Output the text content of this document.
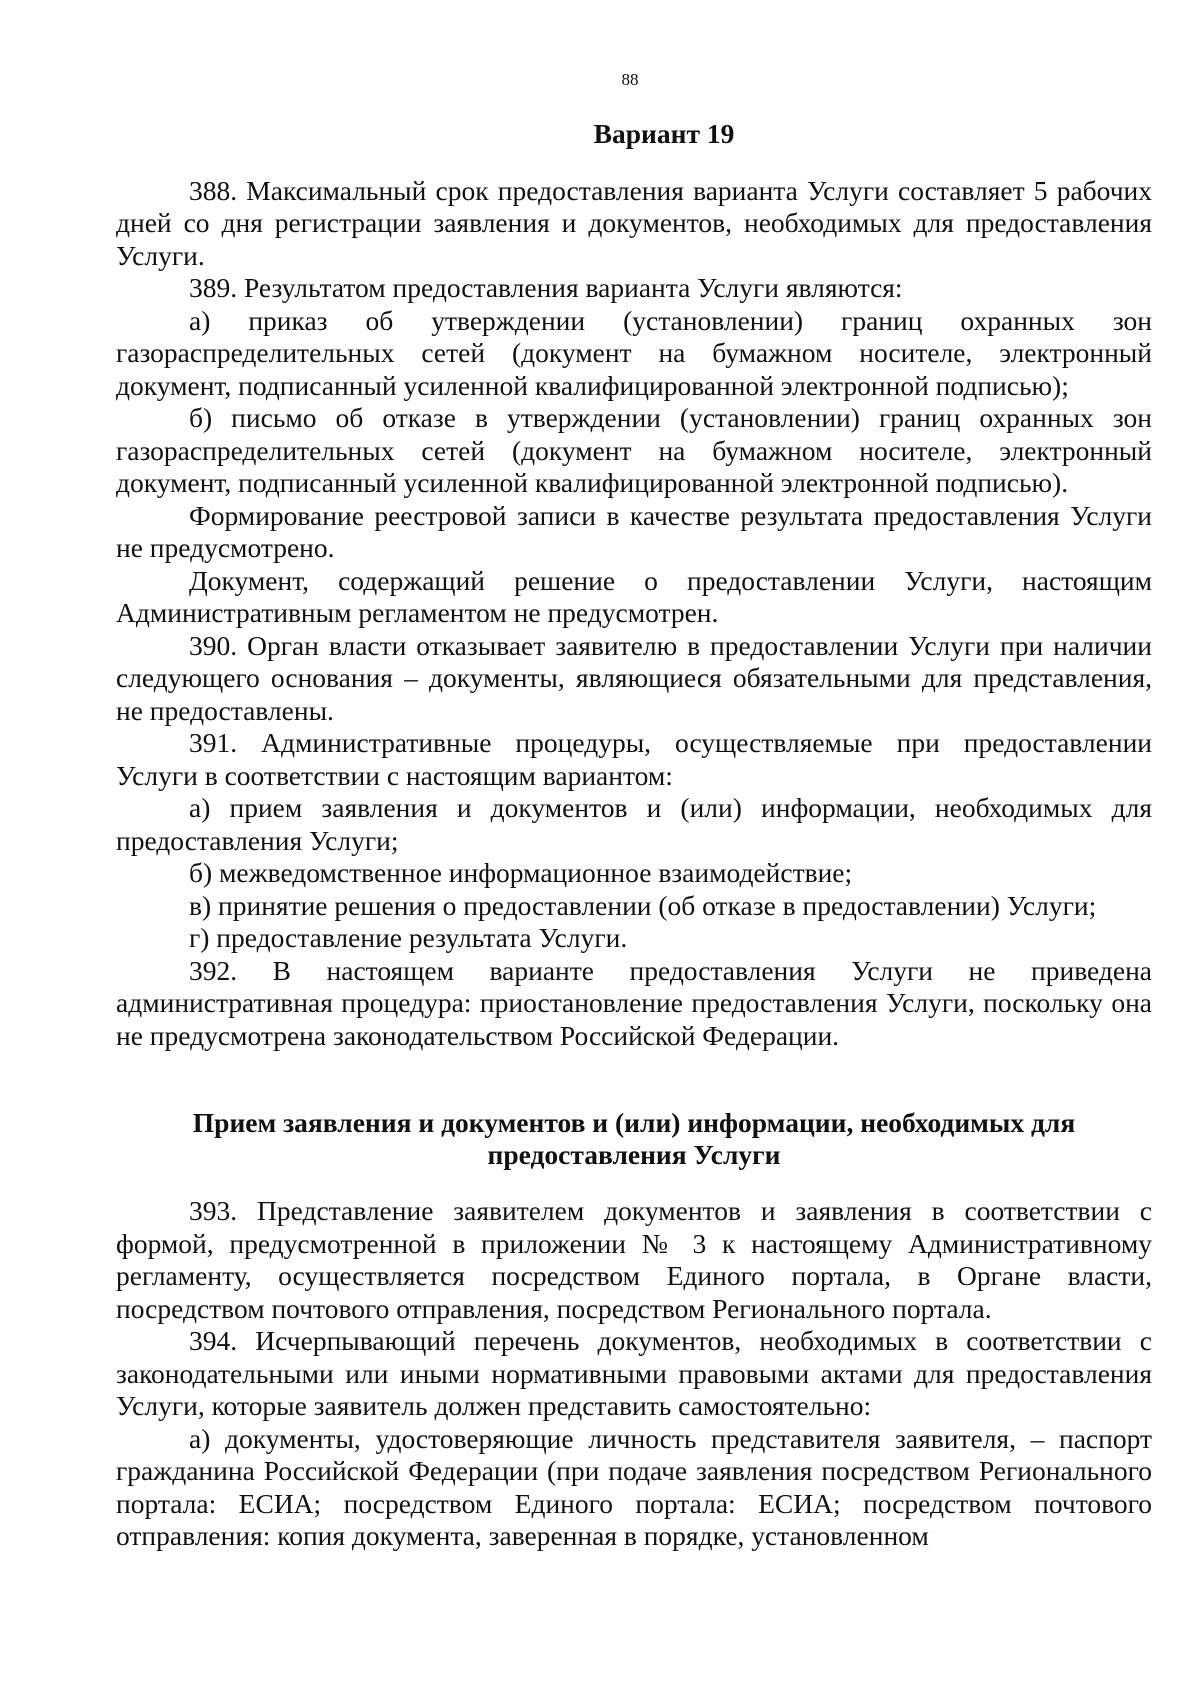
88
Вариант 19

388. Максимальный срок предоставления варианта Услуги составляет 5 рабочих дней со дня регистрации заявления и документов, необходимых для предоставления Услуги.

389. Результатом предоставления варианта Услуги являются:

а) приказ об утверждении (установлении) границ охранных зон газораспределительных сетей (документ на бумажном носителе, электронный документ, подписанный усиленной квалифицированной электронной подписью);

б) письмо об отказе в утверждении (установлении) границ охранных зон газораспределительных сетей (документ на бумажном носителе, электронный документ, подписанный усиленной квалифицированной электронной подписью).

Формирование реестровой записи в качестве результата предоставления Услуги не предусмотрено.

Документ, содержащий решение о предоставлении Услуги, настоящим Административным регламентом не предусмотрен.

390. Орган власти отказывает заявителю в предоставлении Услуги при наличии следующего основания – документы, являющиеся обязательными для представления, не предоставлены.

391. Административные процедуры, осуществляемые при предоставлении Услуги в соответствии с настоящим вариантом:

а) прием заявления и документов и (или) информации, необходимых для предоставления Услуги;

б) межведомственное информационное взаимодействие;

в) принятие решения о предоставлении (об отказе в предоставлении) Услуги;

г) предоставление результата Услуги.

392. В настоящем варианте предоставления Услуги не приведена административная процедура: приостановление предоставления Услуги, поскольку она не предусмотрена законодательством Российской Федерации.

Прием заявления и документов и (или) информации, необходимых для
предоставления Услуги

393. Представление заявителем документов и заявления в соответствии с формой, предусмотренной в приложении № 3 к настоящему Административному регламенту, осуществляется посредством Единого портала, в Органе власти, посредством почтового отправления, посредством Регионального портала.

394. Исчерпывающий перечень документов, необходимых в соответствии с законодательными или иными нормативными правовыми актами для предоставления Услуги, которые заявитель должен представить самостоятельно:

а) документы, удостоверяющие личность представителя заявителя, – паспорт гражданина Российской Федерации (при подаче заявления посредством Регионального портала: ЕСИА; посредством Единого портала: ЕСИА; посредством почтового отправления: копия документа, заверенная в порядке, установленном
